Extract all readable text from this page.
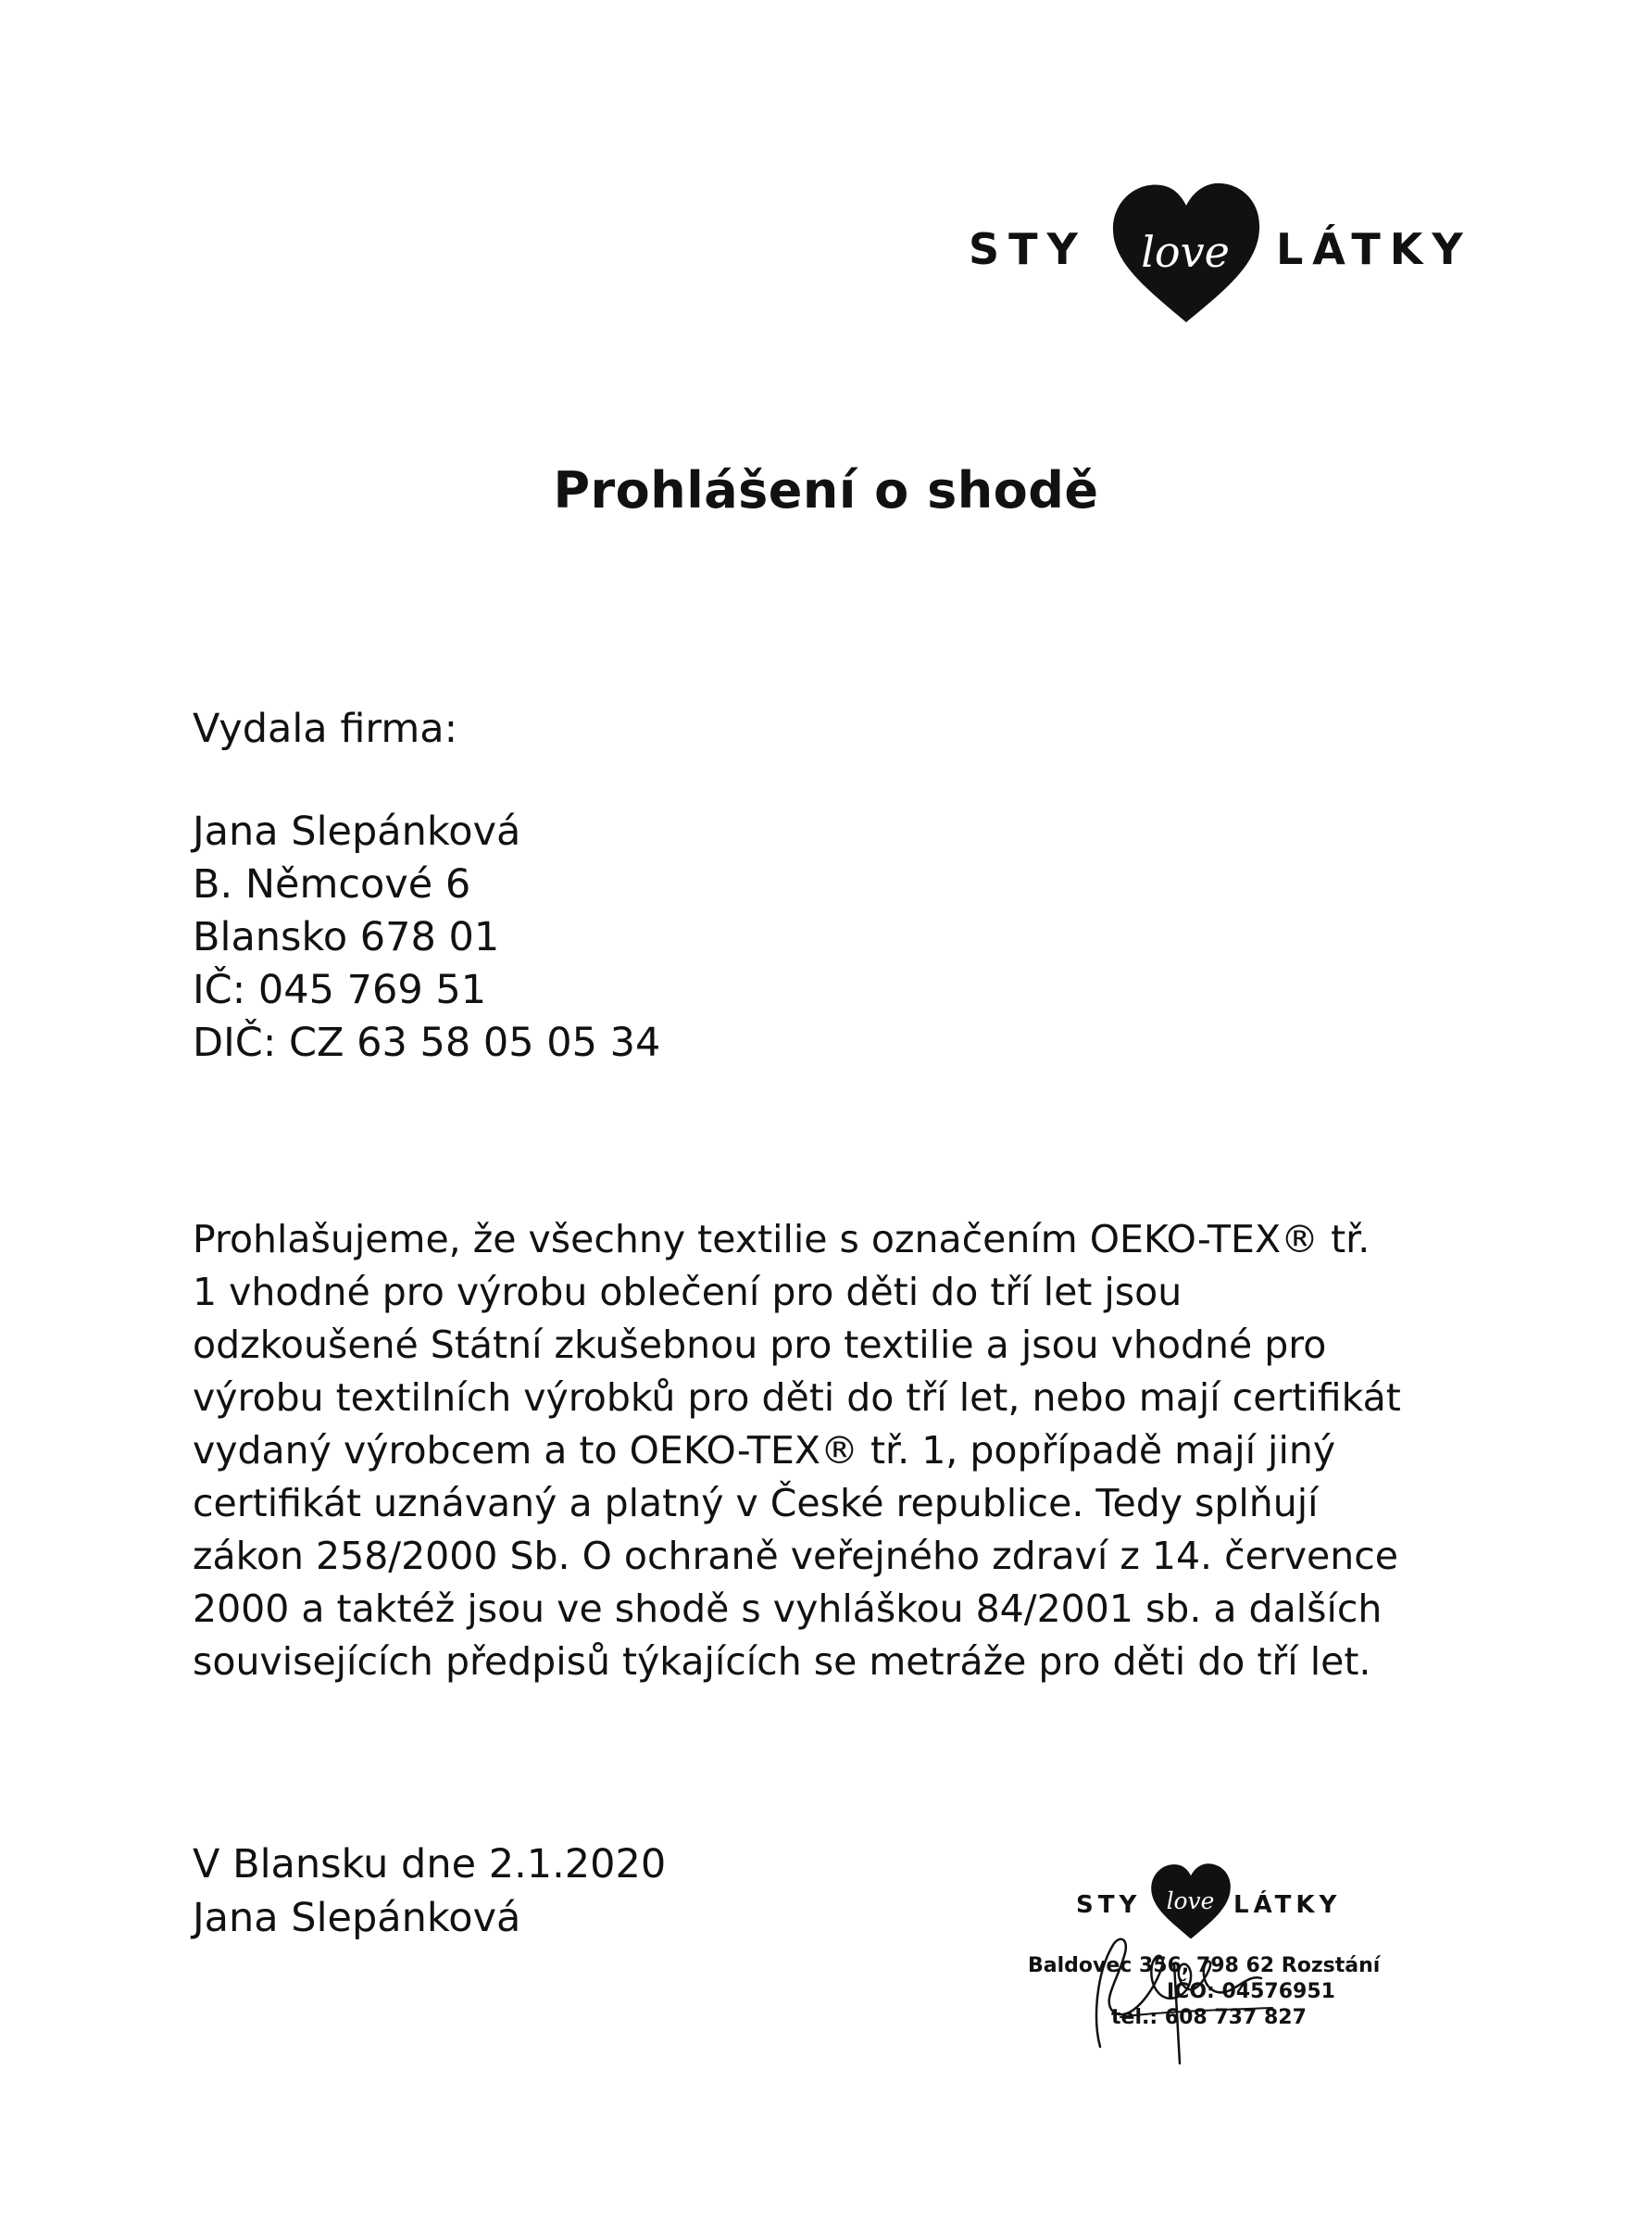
STY love LÁTKY
Prohlášení o shodě
Vydala firma:
Jana Slepánková
B. Němcové 6
Blansko 678 01
IČ: 045 769 51
DIČ: CZ 63 58 05 05 34
Prohlašujeme, že všechny textilie s označením OEKO-TEX® tř.
1 vhodné pro výrobu oblečení pro děti do tří let jsou
odzkoušené Státní zkušebnou pro textilie a jsou vhodné pro
výrobu textilních výrobků pro děti do tří let, nebo mají certifikát
vydaný výrobcem a to OEKO-TEX® tř. 1, popřípadě mají jiný
certifikát uznávaný a platný v České republice. Tedy splňují
zákon 258/2000 Sb. O ochraně veřejného zdraví z 14. července
2000 a taktéž jsou ve shodě s vyhláškou 84/2001 sb. a dalších
souvisejících předpisů týkajících se metráže pro děti do tří let.
V Blansku dne 2.1.2020
Jana Slepánková	STY love LÁTKY
Baldovec 356, 798 62 Rozstání
IČO: 04576951
tel.: 608 737 827
